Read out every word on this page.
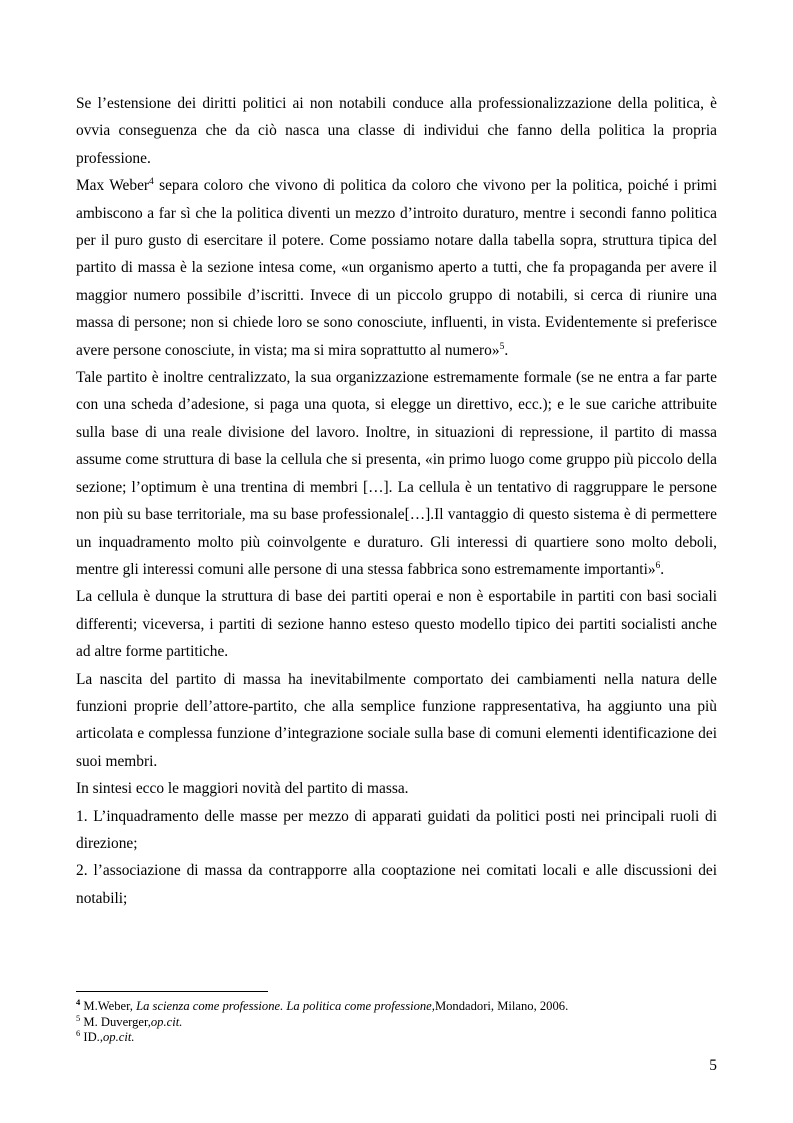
Se l’estensione dei diritti politici ai non notabili conduce alla professionalizzazione della politica, è ovvia conseguenza che da ciò nasca una classe di individui che fanno della politica la propria professione.

Max Weber$^4$ separa coloro che vivono di politica da coloro che vivono per la politica, poiché i primi ambiscono a far sì che la politica diventi un mezzo d’introito duraturo, mentre i secondi fanno politica per il puro gusto di esercitare il potere. Come possiamo notare dalla tabella sopra, struttura tipica del partito di massa è la sezione intesa come, «un organismo aperto a tutti, che fa propaganda per avere il maggior numero possibile d’iscritti. Invece di un piccolo gruppo di notabili, si cerca di riunire una massa di persone; non si chiede loro se sono conosciute, influenti, in vista. Evidentemente si preferisce avere persone conosciute, in vista; ma si mira soprattutto al numero»$^5$.

Tale partito è inoltre centralizzato, la sua organizzazione estremamente formale (se ne entra a far parte con una scheda d’adesione, si paga una quota, si elegge un direttivo, ecc.); e le sue cariche attribuite sulla base di una reale divisione del lavoro. Inoltre, in situazioni di repressione, il partito di massa assume come struttura di base la cellula che si presenta, «in primo luogo come gruppo più piccolo della sezione; l’optimum è una trentina di membri […]. La cellula è un tentativo di raggruppare le persone non più su base territoriale, ma su base professionale[…].Il vantaggio di questo sistema è di permettere un inquadramento molto più coinvolgente e duraturo. Gli interessi di quartiere sono molto deboli, mentre gli interessi comuni alle persone di una stessa fabbrica sono estremamente importanti»$^6$.

La cellula è dunque la struttura di base dei partiti operai e non è esportabile in partiti con basi sociali differenti; viceversa, i partiti di sezione hanno esteso questo modello tipico dei partiti socialisti anche ad altre forme partitiche.

La nascita del partito di massa ha inevitabilmente comportato dei cambiamenti nella natura delle funzioni proprie dell’attore-partito, che alla semplice funzione rappresentativa, ha aggiunto una più articolata e complessa funzione d’integrazione sociale sulla base di comuni elementi identificazione dei suoi membri.

In sintesi ecco le maggiori novità del partito di massa.

1. L’inquadramento delle masse per mezzo di apparati guidati da politici posti nei principali ruoli di direzione;

2. l’associazione di massa da contrapporre alla cooptazione nei comitati locali e alle discussioni dei notabili;

$^4$ M.Weber, La scienza come professione. La politica come professione,Mondadori, Milano, 2006.
$^5$ M. Duverger,op.cit.
$^6$ ID.,op.cit.
5
